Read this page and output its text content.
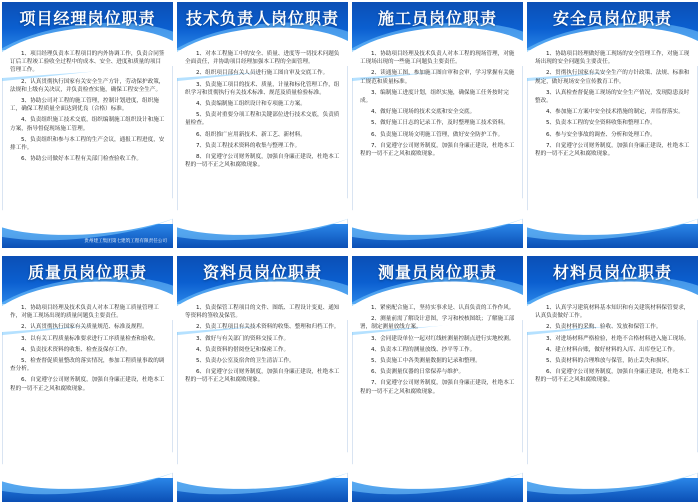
项目经理岗位职责

1、项目经理负责本工程项目的内外协调工作，负责合同签订后工程竣工验收全过程中的成本、安全、进度和质量的项目管理工作。

2、认真贯彻执行国家有关安全生产方针，劳动保护政策，法规和上级有关决议，并负责检查实施，确保工程安全生产。

3、协助公司对工程的施工管理，控制计划进度，组织施工，确保工程质量全面达到优良（合格）标准。

4、负责组织施工技术交底，组织编制施工组织设计和施工方案，指导督促现场施工管理。

5、负责组织和参与本工程的生产会议，通报工程进度，安排工作。

6、协助公司做好本工程有关部门检查验收工作。

贵州建工集团第七建筑工程有限责任公司
技术负责人岗位职责

1、对本工程施工中的安全、质量、进度等一切技术问题负全面责任，并协助项目经理加强本工程的全面管理。

2、组织项目部有关人员进行施工图自审及交底工作。

3、负责施工项目的技术、质量，计量和标化管理工作，组织学习和贯彻执行有关技术标准、规范及质量检验标准。

4、负责编制施工组织设计和专项施工方案。

5、负责对重要分项工程和关键部位进行技术交底，负责质量检查。

6、组织推广应用新技术、新工艺、新材料。

7、负责工程技术资料的收集与整理工作。

8、自觉遵守公司财务制度，加强自身廉正建设，杜绝本工程的一切不正之风和腐败现象。

施工员岗位职责

1、协助项目经理及技术负责人对本工程的现场管理，对施工现场出现的一些施工问题负主要责任。

2、读通施工图，参加施工图自审和会审，学习掌握有关施工规范和质量标准。

3、编制施工进度计划，组织实施，确保施工任务按时完成。

4、做好施工现场的技术交底和安全交底。

5、做好施工日志的记录工作，及时整理施工技术资料。

6、负责施工现场文明施工管理，做好安全防护工作。

7、自觉遵守公司财务制度，加强自身廉正建设，杜绝本工程的一切不正之风和腐败现象。

安全员岗位职责

1、协助项目经理做好施工现场的安全管理工作，对施工现场出现的安全问题负主要责任。

2、贯彻执行国家有关安全生产的方针政策、法规、标准和规定，做好现场安全宣传教育工作。

3、认真检查督促施工现场的安全生产情况，发现隐患及时整改。

4、参加施工方案中安全技术措施的制定，并监督落实。

5、负责本工程的安全资料收集和整理工作。

6、参与安全事故的调查、分析和处理工作。

7、自觉遵守公司财务制度，加强自身廉正建设，杜绝本工程的一切不正之风和腐败现象。

质量员岗位职责

1、协助项目经理及技术负责人对本工程施工质量管理工作，对施工现场出现的质量问题负主要责任。

2、认真贯彻执行国家有关质量规范、标准及规程。

3、以有关工程质量标准要求进行工序质量检查和验收。

4、负责技术资料的收集、检查及保存工作。

5、检查督促质量整改的落实情况，参加工程质量事故的调查分析。

6、自觉遵守公司财务制度，加强自身廉正建设，杜绝本工程的一切不正之风和腐败现象。

资料员岗位职责

1、负责保管工程项目的文件、图纸、工程设计变更、通知等资料的签收及保管。

2、负责工程项目有关技术资料的收集、整理和归档工作。

3、做好与有关部门的资料交接工作。

4、负责资料的借阅登记和保密工作。

5、负责办公室及宿舍的卫生清洁工作。

6、自觉遵守公司财务制度，加强自身廉正建设，杜绝本工程的一切不正之风和腐败现象。

测量员岗位职责

1、紧密配合施工，坚持实事求是、认真负责的工作作风。

2、测量前需了解设计意图，学习和校核图纸；了解施工部署，制定测量放线方案。

3、会同建设单位一起对红线桩测量控制点进行实地校测。

4、负责本工程的测量放线、抄平等工作。

5、负责施工中各类测量数据的记录和整理。

6、负责测量仪器的日常保养与维护。

7、自觉遵守公司财务制度，加强自身廉正建设，杜绝本工程的一切不正之风和腐败现象。

材料员岗位职责

1、认真学习建筑材料基本知识和有关建筑材料保管要求，认真负责做好工作。

2、负责材料的采购、验收、发放和保管工作。

3、对进场材料严格检验，杜绝不合格材料进入施工现场。

4、建立材料台账，做好材料的入库、出库登记工作。

5、负责材料的合理堆放与保管，防止丢失和损坏。

6、自觉遵守公司财务制度，加强自身廉正建设，杜绝本工程的一切不正之风和腐败现象。
